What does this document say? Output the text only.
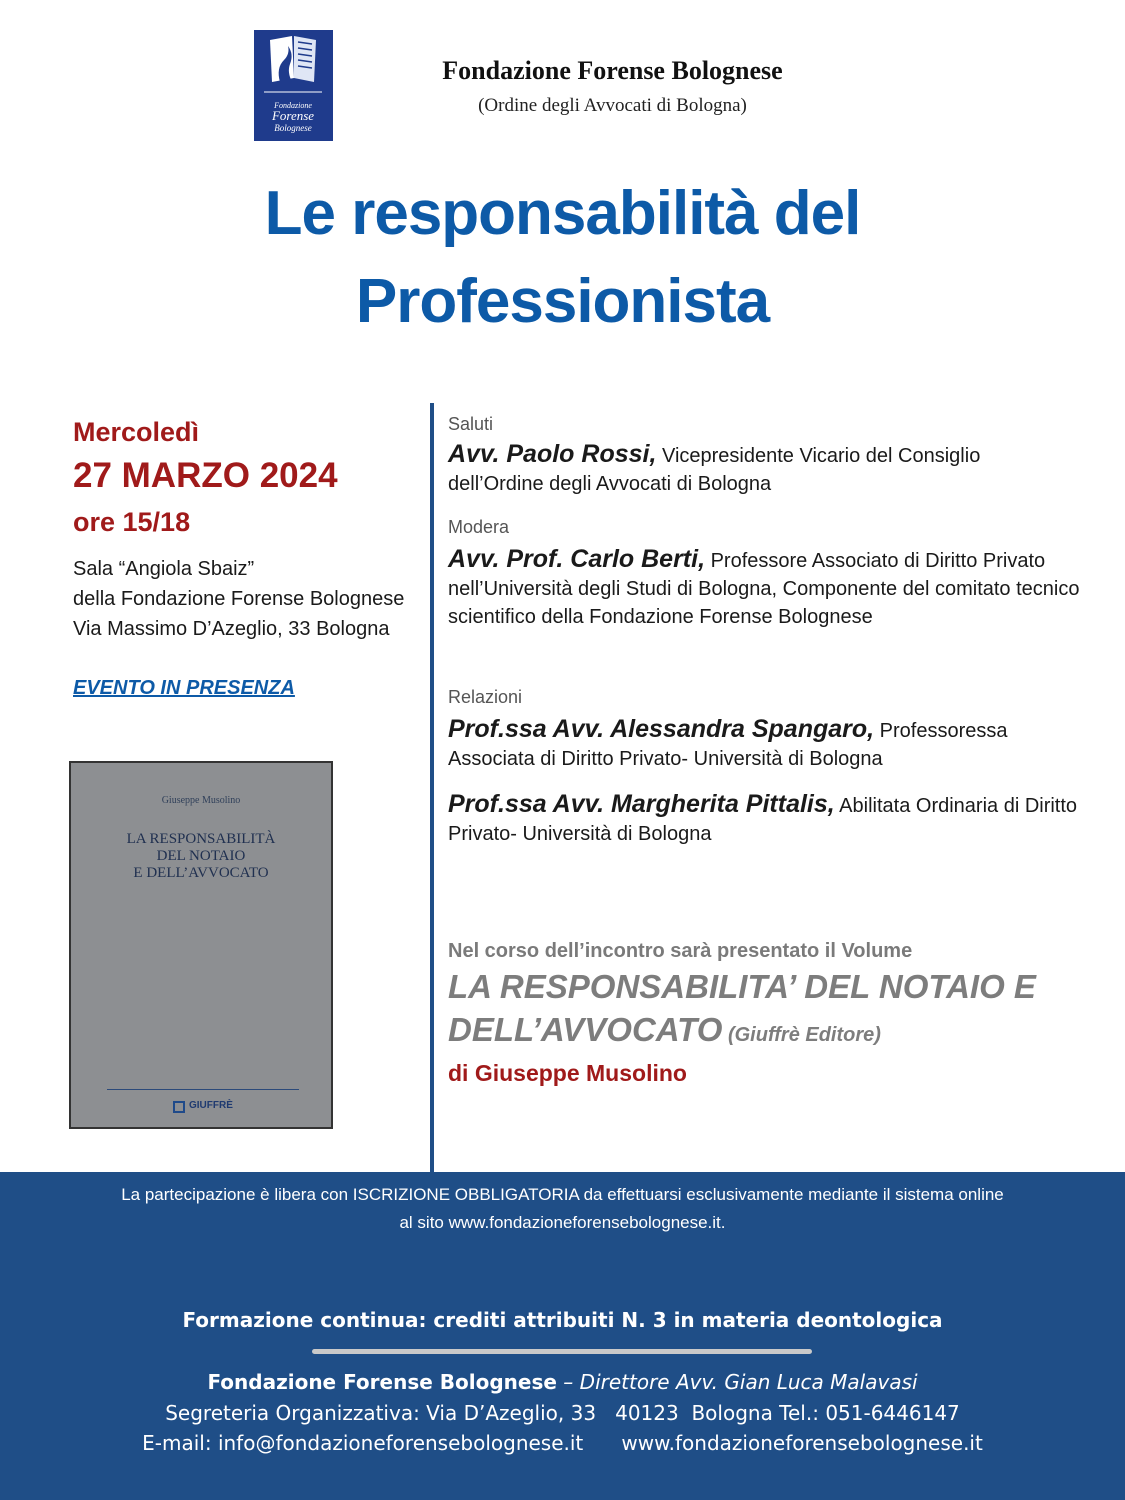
Fondazione
Forense
Bolognese
Fondazione Forense Bolognese
(Ordine degli Avvocati di Bologna)
Le responsabilità del
Professionista
Mercoledì
27 MARZO 2024
ore 15/18
Sala “Angiola Sbaiz”
della Fondazione Forense Bolognese
Via Massimo D’Azeglio, 33 Bologna
EVENTO IN PRESENZA
Giuseppe Musolino
LA RESPONSABILITÀ
DEL NOTAIO
E DELL’AVVOCATO
GIUFFRÈ
Saluti
Avv. Paolo Rossi, Vicepresidente Vicario del Consiglio
dell’Ordine degli Avvocati di Bologna
Modera
Avv. Prof. Carlo Berti, Professore Associato di Diritto Privato nell’Università degli Studi di Bologna, Componente del comitato tecnico scientifico della Fondazione Forense Bolognese
Relazioni
Prof.ssa Avv. Alessandra Spangaro, Professoressa Associata di Diritto Privato- Università di Bologna
Prof.ssa Avv. Margherita Pittalis, Abilitata Ordinaria di Diritto Privato- Università di Bologna
Nel corso dell’incontro sarà presentato il Volume
LA RESPONSABILITA’ DEL NOTAIO E
DELL’AVVOCATO (Giuffrè Editore)
di Giuseppe Musolino
La partecipazione è libera con ISCRIZIONE OBBLIGATORIA da effettuarsi esclusivamente mediante il sistema online
al sito www.fondazioneforensebolognese.it.
Formazione continua: crediti attribuiti N. 3 in materia deontologica
Fondazione Forense Bolognese – Direttore Avv. Gian Luca Malavasi
Segreteria Organizzativa: Via D’Azeglio, 33   40123  Bologna Tel.: 051-6446147
E-mail: info@fondazioneforensebolognese.it      www.fondazioneforensebolognese.it
